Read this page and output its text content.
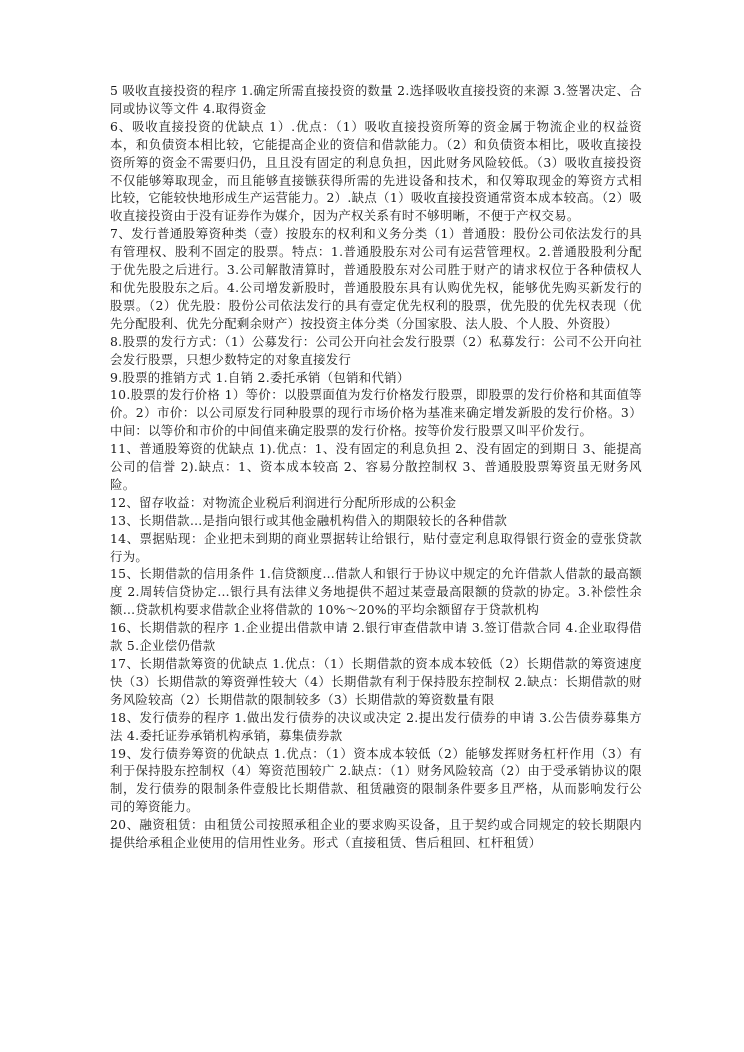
5 吸收直接投资的程序 1.确定所需直接投资的数量 2.选择吸收直接投资的来源 3.签署决定、合同或协议等文件 4.取得资金

6、吸收直接投资的优缺点 1）.优点：（1）吸收直接投资所筹的资金属于物流企业的权益资本，和负债资本相比较，它能提高企业的资信和借款能力。（2）和负债资本相比，吸收直接投资所筹的资金不需要归仍，且且没有固定的利息负担，因此财务风险较低。（3）吸收直接投资不仅能够筹取现金，而且能够直接镞获得所需的先进设备和技术，和仅筹取现金的筹资方式相比较，它能较快地形成生产运营能力。2）.缺点（1）吸收直接投资通常资本成本较高。（2）吸收直接投资由于没有证券作为媒介，因为产权关系有时不够明晰，不便于产权交易。

7、发行普通股筹资种类（壹）按股东的权利和义务分类（1）普通股：股份公司依法发行的具有管理权、股利不固定的股票。特点：1.普通股股东对公司有运营管理权。2.普通股股利分配于优先股之后进行。3.公司解散清算时，普通股股东对公司胜于财产的请求权位于各种债权人和优先股股东之后。4.公司增发新股时，普通股股东具有认购优先权，能够优先购买新发行的股票。（2）优先股：股份公司依法发行的具有壹定优先权利的股票，优先股的优先权表现（优先分配股利、优先分配剩余财产）按投资主体分类（分国家股、法人股、个人股、外资股）

8.股票的发行方式：（1）公募发行：公司公开向社会发行股票（2）私募发行：公司不公开向社会发行股票，只想少数特定的对象直接发行

9.股票的推销方式 1.自销 2.委托承销（包销和代销）

10.股票的发行价格 1）等价：以股票面值为发行价格发行股票，即股票的发行价格和其面值等价。2）市价：以公司原发行同种股票的现行市场价格为基准来确定增发新股的发行价格。3）中间：以等价和市价的中间值来确定股票的发行价格。按等价发行股票又叫平价发行。

11、普通股筹资的优缺点 1).优点：1、没有固定的利息负担 2、没有固定的到期日 3、能提高公司的信誉 2).缺点：1、资本成本较高 2、容易分散控制权 3、普通股股票筹资虽无财务风险。

12、留存收益：对物流企业税后利润进行分配所形成的公积金

13、长期借款…是指向银行或其他金融机构借入的期限较长的各种借款

14、票据贴现：企业把未到期的商业票据转让给银行，贴付壹定利息取得银行资金的壹张贷款行为。

15、长期借款的信用条件 1.信贷额度…借款人和银行于协议中规定的允许借款人借款的最高额度 2.周转信贷协定…银行具有法律义务地提供不超过某壹最高限额的贷款的协定。3.补偿性余额…贷款机构要求借款企业将借款的 10%～20%的平均余额留存于贷款机构

16、长期借款的程序 1.企业提出借款申请 2.银行审查借款申请 3.签订借款合同 4.企业取得借款 5.企业偿仍借款

17、长期借款筹资的优缺点 1.优点：（1）长期借款的资本成本较低（2）长期借款的筹资速度快（3）长期借款的筹资弹性较大（4）长期借款有利于保持股东控制权 2.缺点：长期借款的财务风险较高（2）长期借款的限制较多（3）长期借款的筹资数量有限

18、发行债券的程序 1.做出发行债券的决议或决定 2.提出发行债券的申请 3.公告债券募集方法 4.委托证券承销机构承销，募集债券款

19、发行债券筹资的优缺点 1.优点：（1）资本成本较低（2）能够发挥财务杠杆作用（3）有利于保持股东控制权（4）筹资范围较广 2.缺点：（1）财务风险较高（2）由于受承销协议的限制，发行债券的限制条件壹般比长期借款、租赁融资的限制条件要多且严格，从而影响发行公司的筹资能力。

20、融资租赁：由租赁公司按照承租企业的要求购买设备，且于契约或合同规定的较长期限内提供给承租企业使用的信用性业务。形式（直接租赁、售后租回、杠杆租赁）
